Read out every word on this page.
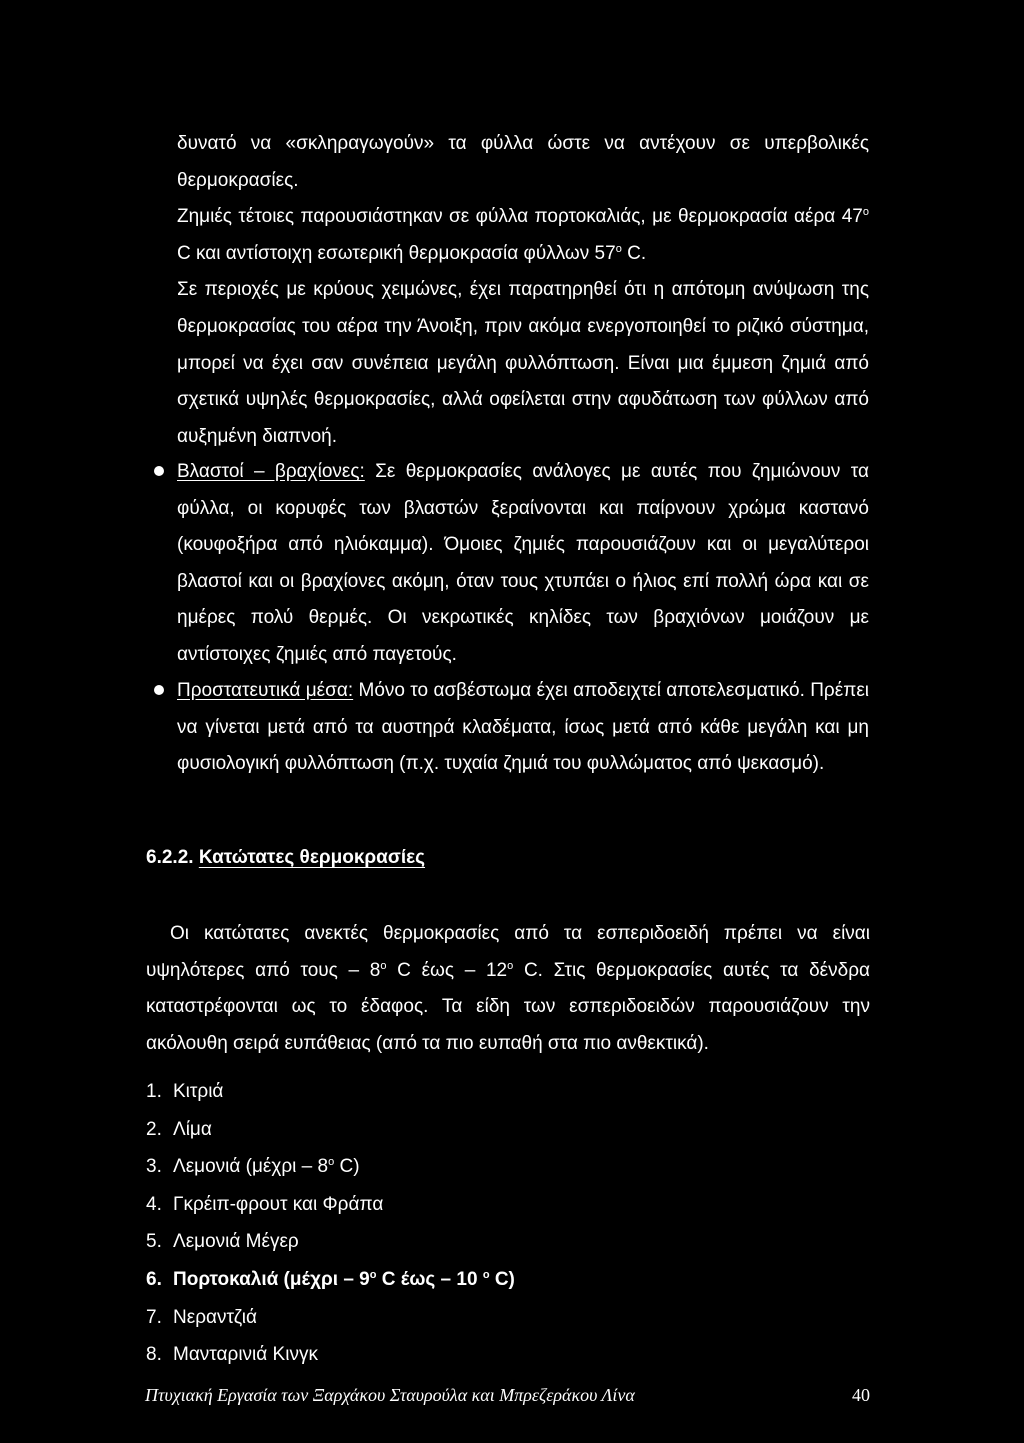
δυνατό να «σκληραγωγούν» τα φύλλα ώστε να αντέχουν σε υπερβολικές θερμοκρασίες.
Ζημιές τέτοιες παρουσιάστηκαν σε φύλλα πορτοκαλιάς, με θερμοκρασία αέρα 47$^o$ C και αντίστοιχη εσωτερική θερμοκρασία φύλλων 57$^o$ C.
Σε περιοχές με κρύους χειμώνες, έχει παρατηρηθεί ότι η απότομη ανύψωση της θερμοκρασίας του αέρα την Άνοιξη, πριν ακόμα ενεργοποιηθεί το ριζικό σύστημα, μπορεί να έχει σαν συνέπεια μεγάλη φυλλόπτωση. Είναι μια έμμεση ζημιά από σχετικά υψηλές θερμοκρασίες, αλλά οφείλεται στην αφυδάτωση των φύλλων από αυξημένη διαπνοή.

Βλαστοί – βραχίονες: Σε θερμοκρασίες ανάλογες με αυτές που ζημιώνουν τα φύλλα, οι κορυφές των βλαστών ξεραίνονται και παίρνουν χρώμα καστανό (κουφοξήρα από ηλιόκαμμα). Όμοιες ζημιές παρουσιάζουν και οι μεγαλύτεροι βλαστοί και οι βραχίονες ακόμη, όταν τους χτυπάει ο ήλιος επί πολλή ώρα και σε ημέρες πολύ θερμές. Οι νεκρωτικές κηλίδες των βραχιόνων μοιάζουν με αντίστοιχες ζημιές από παγετούς.

Προστατευτικά μέσα: Μόνο το ασβέστωμα έχει αποδειχτεί αποτελεσματικό. Πρέπει να γίνεται μετά από τα αυστηρά κλαδέματα, ίσως μετά από κάθε μεγάλη και μη φυσιολογική φυλλόπτωση (π.χ. τυχαία ζημιά του φυλλώματος από ψεκασμό).

6.2.2. Κατώτατες θερμοκρασίες

Οι κατώτατες ανεκτές θερμοκρασίες από τα εσπεριδοειδή πρέπει να είναι υψηλότερες από τους – 8$^o$ C έως – 12$^o$ C. Στις θερμοκρασίες αυτές τα δένδρα καταστρέφονται ως το έδαφος. Τα είδη των εσπεριδοειδών παρουσιάζουν την ακόλουθη σειρά ευπάθειας (από τα πιο ευπαθή στα πιο ανθεκτικά).

1. Κιτριά
2. Λίμα
3. Λεμονιά (μέχρι – 8$^o$ C)
4. Γκρέιπ-φρουτ και Φράπα
5. Λεμονιά Μέγερ
6. Πορτοκαλιά (μέχρι – 9$^o$ C έως – 10 $^o$ C)
7. Νεραντζιά
8. Μανταρινιά Κινγκ
Πτυχιακή Εργασία των Ξαρχάκου Σταυρούλα και Μπρεζεράκου Λίνα	40
